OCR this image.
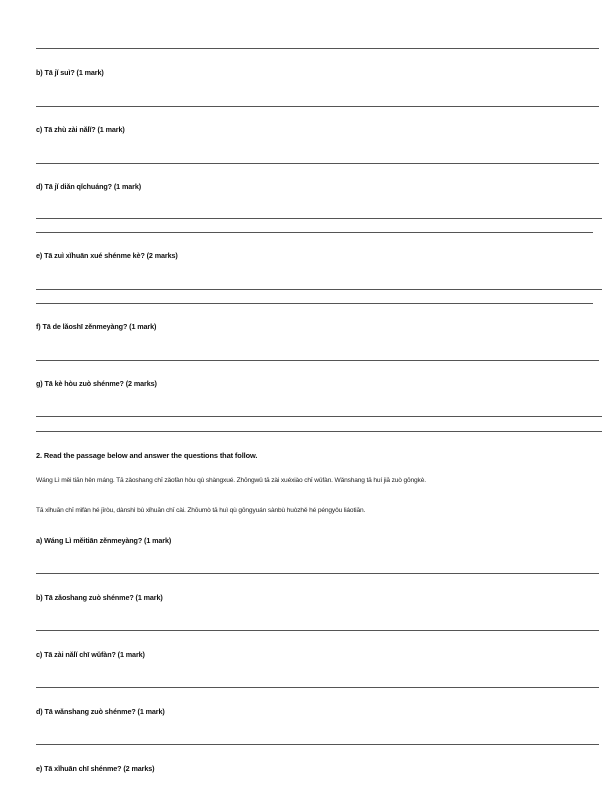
b) Tā jǐ suì? (1 mark)
c) Tā zhù zài nǎlǐ? (1 mark)
d) Tā jǐ diǎn qǐchuáng? (1 mark)
e) Tā zuì xǐhuān xué shénme kè? (2 marks)
f) Tā de lǎoshī zěnmeyàng? (1 mark)
g) Tā kè hòu zuò shénme? (2 marks)
2. Read the passage below and answer the questions that follow.
Wáng Lì měi tiān hěn máng. Tā zǎoshang chī zǎofàn hòu qù shàngxué. Zhōngwǔ tā zài xuéxiào chī wǔfàn. Wǎnshang tā huí jiā zuò gōngkè.
Tā xǐhuān chī mǐfàn hé jīròu, dànshì bù xǐhuān chī cài. Zhōumò tā huì qù gōngyuán sànbù huòzhě hé péngyǒu liáotiān.
a) Wáng Lì měitiān zěnmeyàng? (1 mark)
b) Tā zǎoshang zuò shénme? (1 mark)
c) Tā zài nǎlǐ chī wǔfàn? (1 mark)
d) Tā wǎnshang zuò shénme? (1 mark)
e) Tā xǐhuān chī shénme? (2 marks)
